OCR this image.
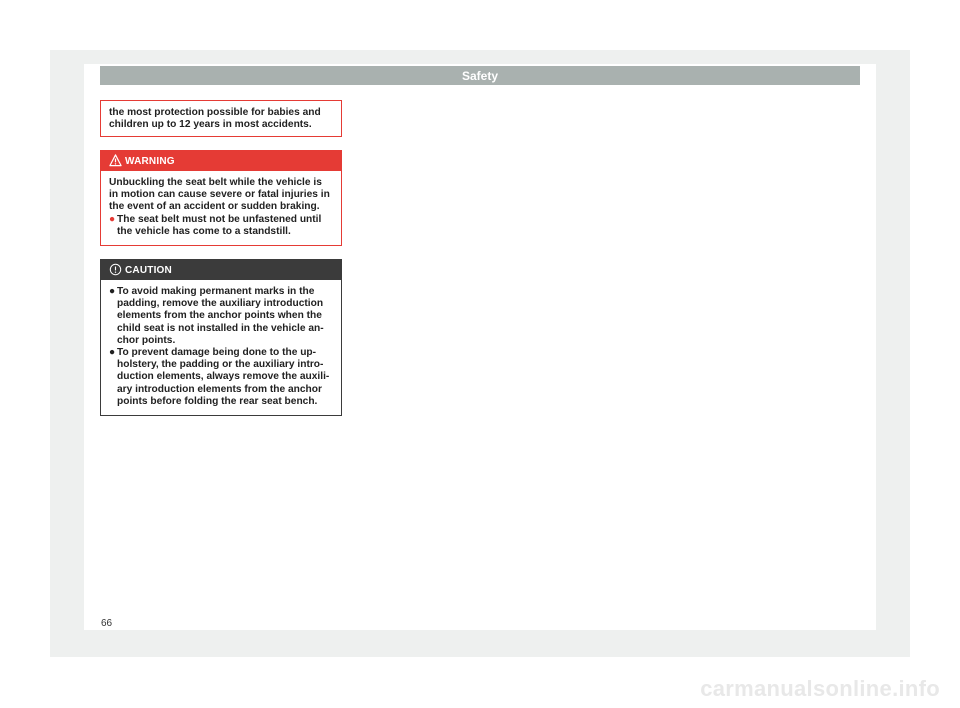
Safety

the most protection possible for babies and children up to 12 years in most accidents.

WARNING

Unbuckling the seat belt while the vehicle is in motion can cause severe or fatal injuries in the event of an accident or sudden braking.

● The seat belt must not be unfastened until the vehicle has come to a standstill.

CAUTION
● To avoid making permanent marks in the padding, remove the auxiliary introduction elements from the anchor points when the child seat is not installed in the vehicle an-chor points.

● To prevent damage being done to the up-holstery, the padding or the auxiliary intro-duction elements, always remove the auxili-ary introduction elements from the anchor points before folding the rear seat bench.

66
carmanualsonline.info
